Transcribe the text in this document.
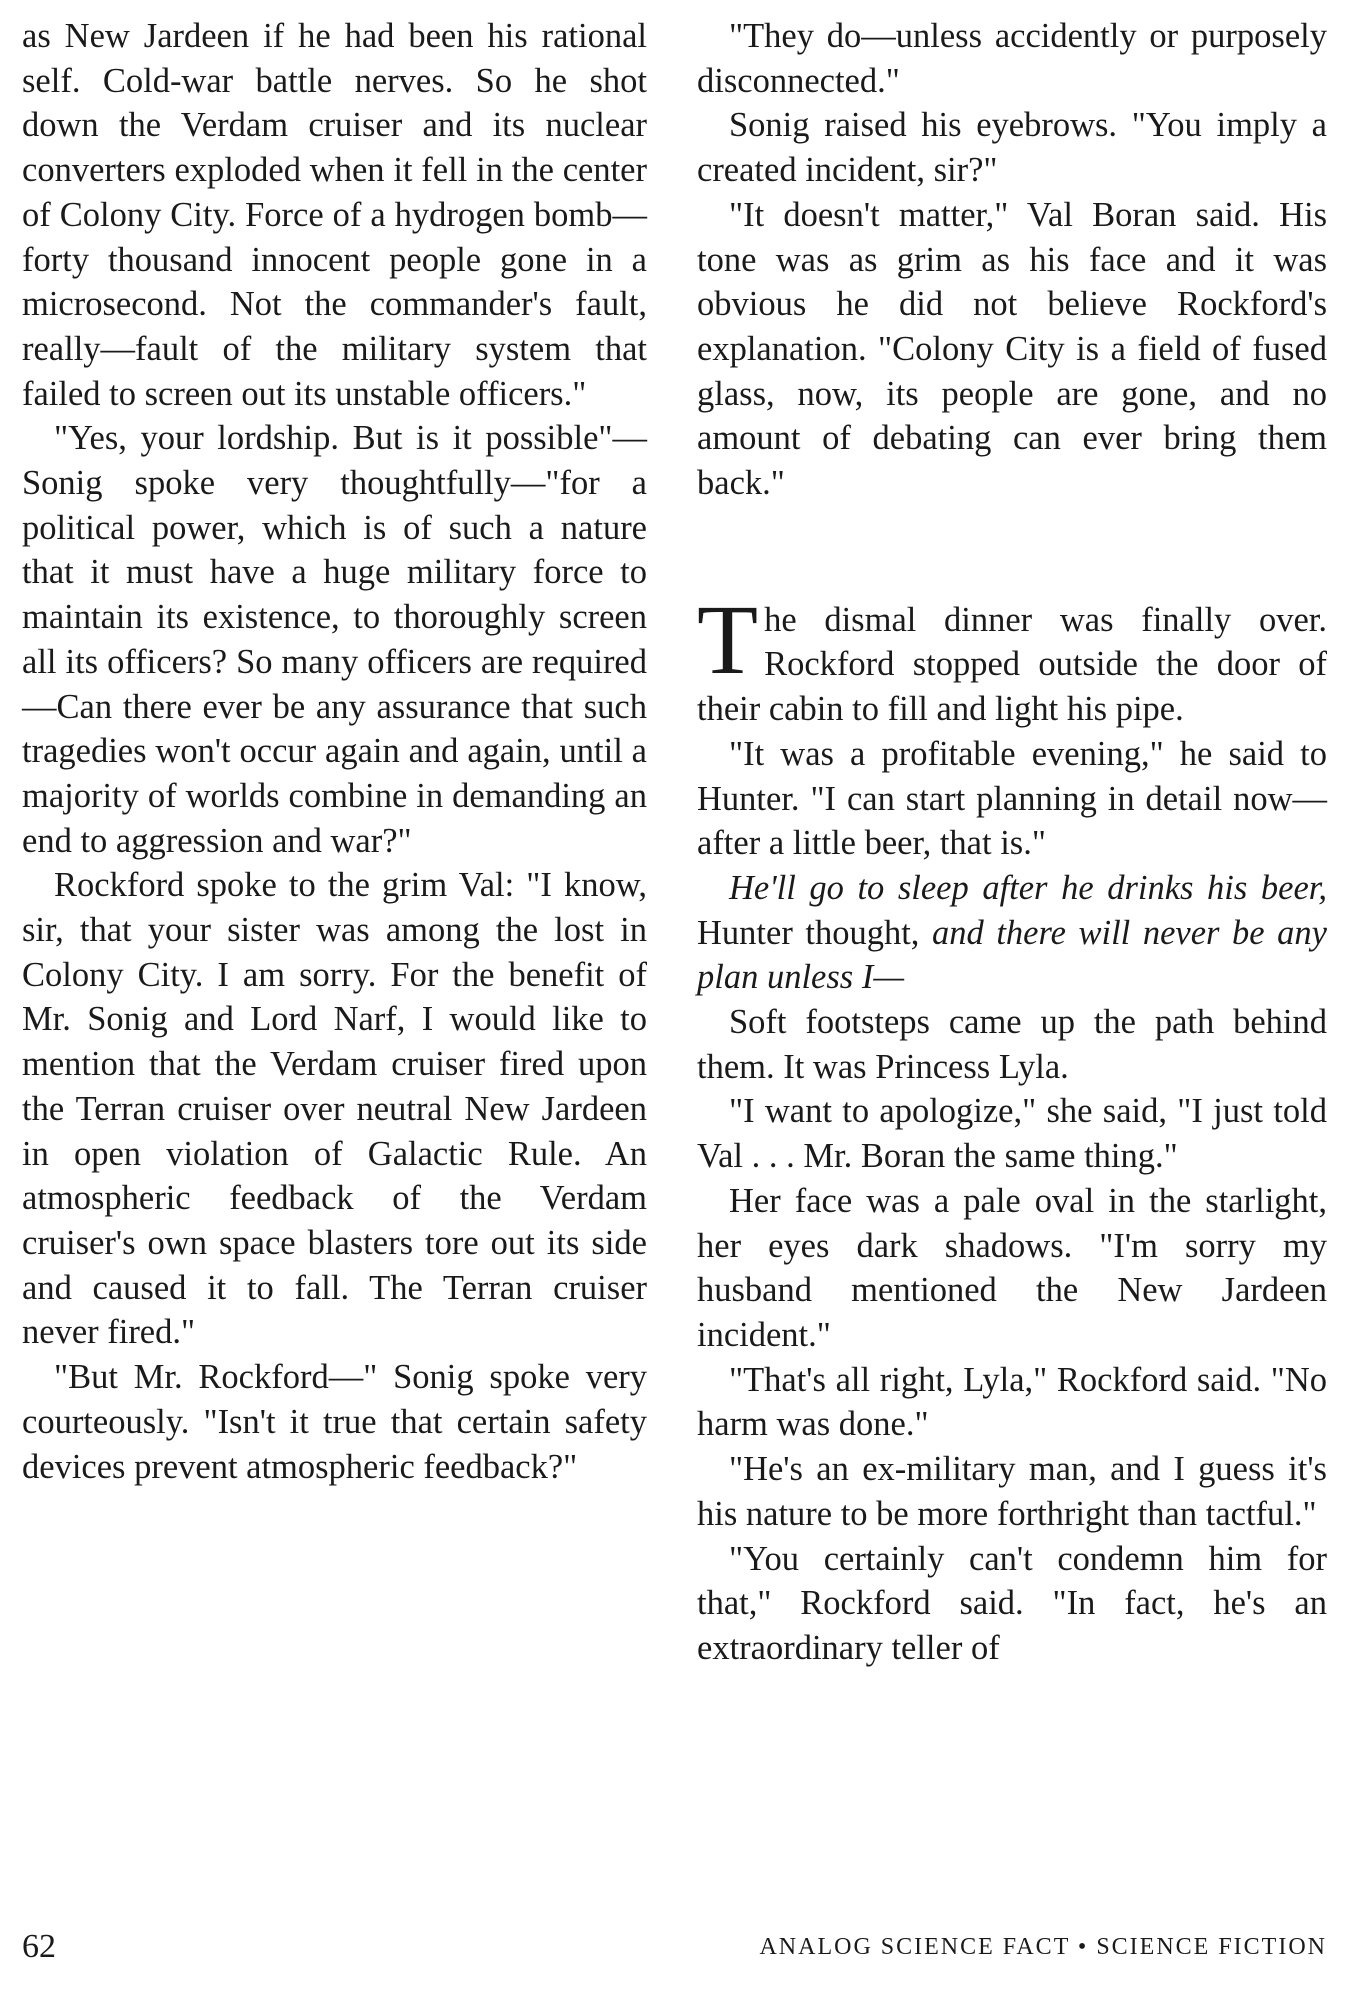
as New Jardeen if he had been his rational self. Cold-war battle nerves. So he shot down the Verdam cruiser and its nuclear converters exploded when it fell in the center of Colony City. Force of a hydrogen bomb—forty thousand innocent people gone in a microsecond. Not the commander's fault, really—fault of the military system that failed to screen out its unstable officers."

"Yes, your lordship. But is it possible"—Sonig spoke very thoughtfully—"for a political power, which is of such a nature that it must have a huge military force to maintain its existence, to thoroughly screen all its officers? So many officers are required—Can there ever be any assurance that such tragedies won't occur again and again, until a majority of worlds combine in demanding an end to aggression and war?"

Rockford spoke to the grim Val: "I know, sir, that your sister was among the lost in Colony City. I am sorry. For the benefit of Mr. Sonig and Lord Narf, I would like to mention that the Verdam cruiser fired upon the Terran cruiser over neutral New Jardeen in open violation of Galactic Rule. An atmospheric feedback of the Verdam cruiser's own space blasters tore out its side and caused it to fall. The Terran cruiser never fired."

"But Mr. Rockford—" Sonig spoke very courteously. "Isn't it true that certain safety devices prevent atmospheric feedback?"

"They do—unless accidently or purposely disconnected."

Sonig raised his eyebrows. "You imply a created incident, sir?"

"It doesn't matter," Val Boran said. His tone was as grim as his face and it was obvious he did not believe Rockford's explanation. "Colony City is a field of fused glass, now, its people are gone, and no amount of debating can ever bring them back."

The dismal dinner was finally over. Rockford stopped outside the door of their cabin to fill and light his pipe.

"It was a profitable evening," he said to Hunter. "I can start planning in detail now—after a little beer, that is."

He'll go to sleep after he drinks his beer, Hunter thought, and there will never be any plan unless I—

Soft footsteps came up the path behind them. It was Princess Lyla.

"I want to apologize," she said, "I just told Val . . . Mr. Boran the same thing."

Her face was a pale oval in the starlight, her eyes dark shadows. "I'm sorry my husband mentioned the New Jardeen incident."

"That's all right, Lyla," Rockford said. "No harm was done."

"He's an ex-military man, and I guess it's his nature to be more forthright than tactful."

"You certainly can't condemn him for that," Rockford said. "In fact, he's an extraordinary teller of

62	ANALOG SCIENCE FACT • SCIENCE FICTION
